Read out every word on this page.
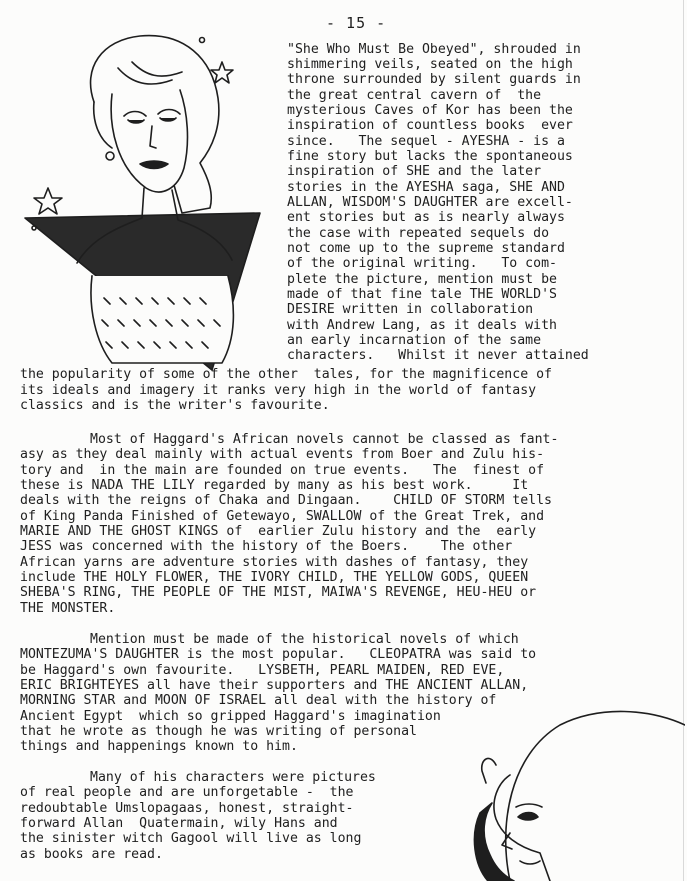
- 15 -
"She Who Must Be Obeyed", shrouded in
shimmering veils, seated on the high
throne surrounded by silent guards in
the great central cavern of  the
mysterious Caves of Kor has been the
inspiration of countless books  ever
since.   The sequel - AYESHA - is a
fine story but lacks the spontaneous
inspiration of SHE and the later
stories in the AYESHA saga, SHE AND
ALLAN, WISDOM'S DAUGHTER are excell-
ent stories but as is nearly always
the case with repeated sequels do
not come up to the supreme standard
of the original writing.   To com-
plete the picture, mention must be
made of that fine tale THE WORLD'S
DESIRE written in collaboration
with Andrew Lang, as it deals with
an early incarnation of the same
characters.   Whilst it never attained
the popularity of some of the other  tales, for the magnificence of
its ideals and imagery it ranks very high in the world of fantasy
classics and is the writer's favourite.
Most of Haggard's African novels cannot be classed as fant-
asy as they deal mainly with actual events from Boer and Zulu his-
tory and  in the main are founded on true events.   The  finest of
these is NADA THE LILY regarded by many as his best work.     It
deals with the reigns of Chaka and Dingaan.    CHILD OF STORM tells
of King Panda Finished of Getewayo, SWALLOW of the Great Trek, and
MARIE AND THE GHOST KINGS of  earlier Zulu history and the  early
JESS was concerned with the history of the Boers.    The other
African yarns are adventure stories with dashes of fantasy, they
include THE HOLY FLOWER, THE IVORY CHILD, THE YELLOW GODS, QUEEN
SHEBA'S RING, THE PEOPLE OF THE MIST, MAIWA'S REVENGE, HEU-HEU or
THE MONSTER.
Mention must be made of the historical novels of which
MONTEZUMA'S DAUGHTER is the most popular.   CLEOPATRA was said to
be Haggard's own favourite.   LYSBETH, PEARL MAIDEN, RED EVE,
ERIC BRIGHTEYES all have their supporters and THE ANCIENT ALLAN,
MORNING STAR and MOON OF ISRAEL all deal with the history of
Ancient Egypt  which so gripped Haggard's imagination
that he wrote as though he was writing of personal
things and happenings known to him.
Many of his characters were pictures
of real people and are unforgetable -  the
redoubtable Umslopagaas, honest, straight-
forward Allan  Quatermain, wily Hans and
the sinister witch Gagool will live as long
as books are read.
